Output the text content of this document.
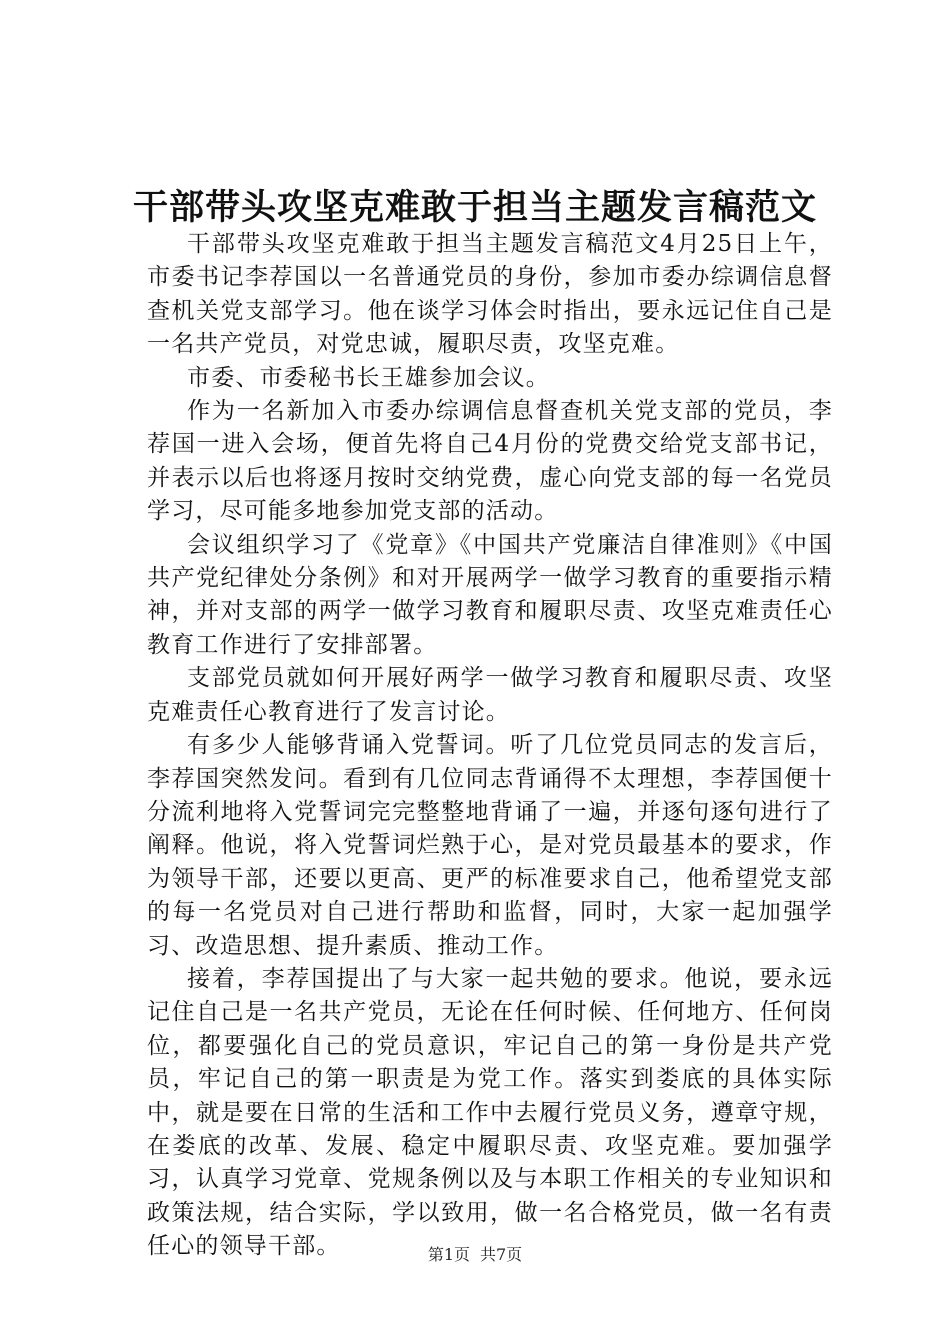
干部带头攻坚克难敢于担当主题发言稿范文

干部带头攻坚克难敢于担当主题发言稿范文4月25日上午，市委书记李荐国以一名普通党员的身份，参加市委办综调信息督查机关党支部学习。他在谈学习体会时指出，要永远记住自己是一名共产党员，对党忠诚，履职尽责，攻坚克难。

市委、市委秘书长王雄参加会议。

作为一名新加入市委办综调信息督查机关党支部的党员，李荐国一进入会场，便首先将自己4月份的党费交给党支部书记，并表示以后也将逐月按时交纳党费，虚心向党支部的每一名党员学习，尽可能多地参加党支部的活动。

会议组织学习了《党章》《中国共产党廉洁自律准则》《中国共产党纪律处分条例》和对开展两学一做学习教育的重要指示精神，并对支部的两学一做学习教育和履职尽责、攻坚克难责任心教育工作进行了安排部署。

支部党员就如何开展好两学一做学习教育和履职尽责、攻坚克难责任心教育进行了发言讨论。

有多少人能够背诵入党誓词。听了几位党员同志的发言后，李荐国突然发问。看到有几位同志背诵得不太理想，李荐国便十分流利地将入党誓词完完整整地背诵了一遍，并逐句逐句进行了阐释。他说，将入党誓词烂熟于心，是对党员最基本的要求，作为领导干部，还要以更高、更严的标准要求自己，他希望党支部的每一名党员对自己进行帮助和监督，同时，大家一起加强学习、改造思想、提升素质、推动工作。

接着，李荐国提出了与大家一起共勉的要求。他说，要永远记住自己是一名共产党员，无论在任何时候、任何地方、任何岗位，都要强化自己的党员意识，牢记自己的第一身份是共产党员，牢记自己的第一职责是为党工作。落实到娄底的具体实际中，就是要在日常的生活和工作中去履行党员义务，遵章守规，在娄底的改革、发展、稳定中履职尽责、攻坚克难。要加强学习，认真学习党章、党规条例以及与本职工作相关的专业知识和政策法规，结合实际，学以致用，做一名合格党员，做一名有责任心的领导干部。	第1页 共7页
